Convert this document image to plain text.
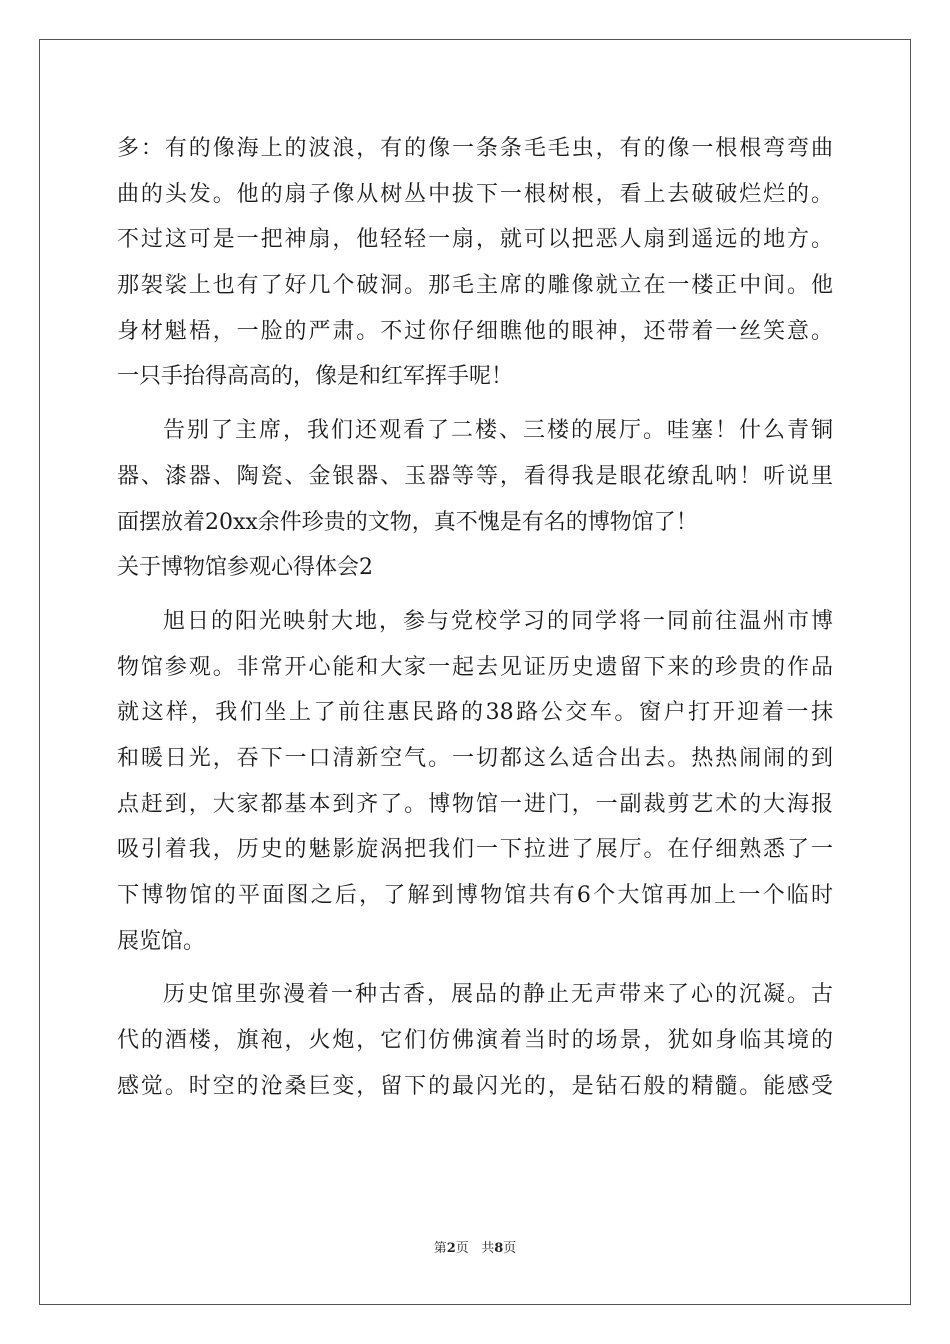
多：有的像海上的波浪，有的像一条条毛毛虫，有的像一根根弯弯曲
曲的头发。他的扇子像从树丛中拔下一根树根，看上去破破烂烂的。
不过这可是一把神扇，他轻轻一扇，就可以把恶人扇到遥远的地方。
那袈裟上也有了好几个破洞。那毛主席的雕像就立在一楼正中间。他
身材魁梧，一脸的严肃。不过你仔细瞧他的眼神，还带着一丝笑意。
一只手抬得高高的，像是和红军挥手呢！
告别了主席，我们还观看了二楼、三楼的展厅。哇塞！什么青铜
器、漆器、陶瓷、金银器、玉器等等，看得我是眼花缭乱呐！听说里
面摆放着20xx余件珍贵的文物，真不愧是有名的博物馆了！
关于博物馆参观心得体会2
旭日的阳光映射大地，参与党校学习的同学将一同前往温州市博
物馆参观。非常开心能和大家一起去见证历史遗留下来的珍贵的作品
就这样，我们坐上了前往惠民路的38路公交车。窗户打开迎着一抹
和暖日光，吞下一口清新空气。一切都这么适合出去。热热闹闹的到
点赶到，大家都基本到齐了。博物馆一进门，一副裁剪艺术的大海报
吸引着我，历史的魅影旋涡把我们一下拉进了展厅。在仔细熟悉了一
下博物馆的平面图之后，了解到博物馆共有6个大馆再加上一个临时
展览馆。
历史馆里弥漫着一种古香，展品的静止无声带来了心的沉凝。古
代的酒楼，旗袍，火炮，它们仿佛演着当时的场景，犹如身临其境的
感觉。时空的沧桑巨变，留下的最闪光的，是钻石般的精髓。能感受
第2页 共8页
